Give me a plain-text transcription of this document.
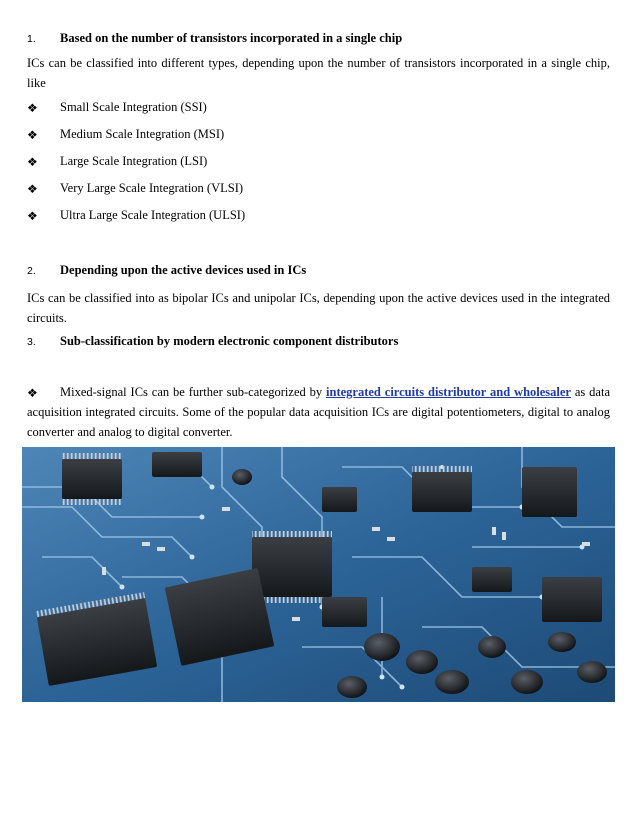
1. Based on the number of transistors incorporated in a single chip
ICs can be classified into different types, depending upon the number of transistors incorporated in a single chip, like
❖ Small Scale Integration (SSI)
❖ Medium Scale Integration (MSI)
❖ Large Scale Integration (LSI)
❖ Very Large Scale Integration (VLSI)
❖ Ultra Large Scale Integration (ULSI)
2. Depending upon the active devices used in ICs
ICs can be classified into as bipolar ICs and unipolar ICs, depending upon the active devices used in the integrated circuits.
3. Sub-classification by modern electronic component distributors
❖ Mixed-signal ICs can be further sub-categorized by integrated circuits distributor and wholesaler as data acquisition integrated circuits. Some of the popular data acquisition ICs are digital potentiometers, digital to analog converter and analog to digital converter.
